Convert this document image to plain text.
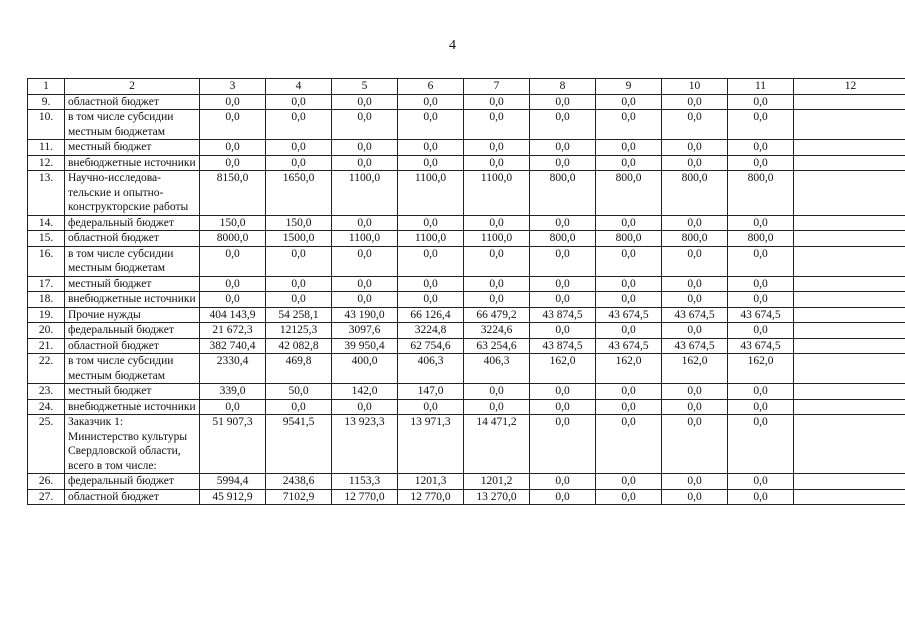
4
1	2	3	4	5	6	7	8	9	10	11	12
9.	областной бюджет	0,0	0,0	0,0	0,0	0,0	0,0	0,0	0,0	0,0	
10.	в том числе субсидии местным бюджетам	0,0	0,0	0,0	0,0	0,0	0,0	0,0	0,0	0,0	
11.	местный бюджет	0,0	0,0	0,0	0,0	0,0	0,0	0,0	0,0	0,0	
12.	внебюджетные источники	0,0	0,0	0,0	0,0	0,0	0,0	0,0	0,0	0,0	
13.	Научно-исследова-тельские и опытно-конструкторские работы	8150,0	1650,0	1100,0	1100,0	1100,0	800,0	800,0	800,0	800,0	
14.	федеральный бюджет	150,0	150,0	0,0	0,0	0,0	0,0	0,0	0,0	0,0	
15.	областной бюджет	8000,0	1500,0	1100,0	1100,0	1100,0	800,0	800,0	800,0	800,0	
16.	в том числе субсидии местным бюджетам	0,0	0,0	0,0	0,0	0,0	0,0	0,0	0,0	0,0	
17.	местный бюджет	0,0	0,0	0,0	0,0	0,0	0,0	0,0	0,0	0,0	
18.	внебюджетные источники	0,0	0,0	0,0	0,0	0,0	0,0	0,0	0,0	0,0	
19.	Прочие нужды	404 143,9	54 258,1	43 190,0	66 126,4	66 479,2	43 874,5	43 674,5	43 674,5	43 674,5	
20.	федеральный бюджет	21 672,3	12125,3	3097,6	3224,8	3224,6	0,0	0,0	0,0	0,0	
21.	областной бюджет	382 740,4	42 082,8	39 950,4	62 754,6	63 254,6	43 874,5	43 674,5	43 674,5	43 674,5	
22.	в том числе субсидии местным бюджетам	2330,4	469,8	400,0	406,3	406,3	162,0	162,0	162,0	162,0	
23.	местный бюджет	339,0	50,0	142,0	147,0	0,0	0,0	0,0	0,0	0,0	
24.	внебюджетные источники	0,0	0,0	0,0	0,0	0,0	0,0	0,0	0,0	0,0	
25.	Заказчик 1: Министерство культуры Свердловской области, всего в том числе:	51 907,3	9541,5	13 923,3	13 971,3	14 471,2	0,0	0,0	0,0	0,0	
26.	федеральный бюджет	5994,4	2438,6	1153,3	1201,3	1201,2	0,0	0,0	0,0	0,0	
27.	областной бюджет	45 912,9	7102,9	12 770,0	12 770,0	13 270,0	0,0	0,0	0,0	0,0	
